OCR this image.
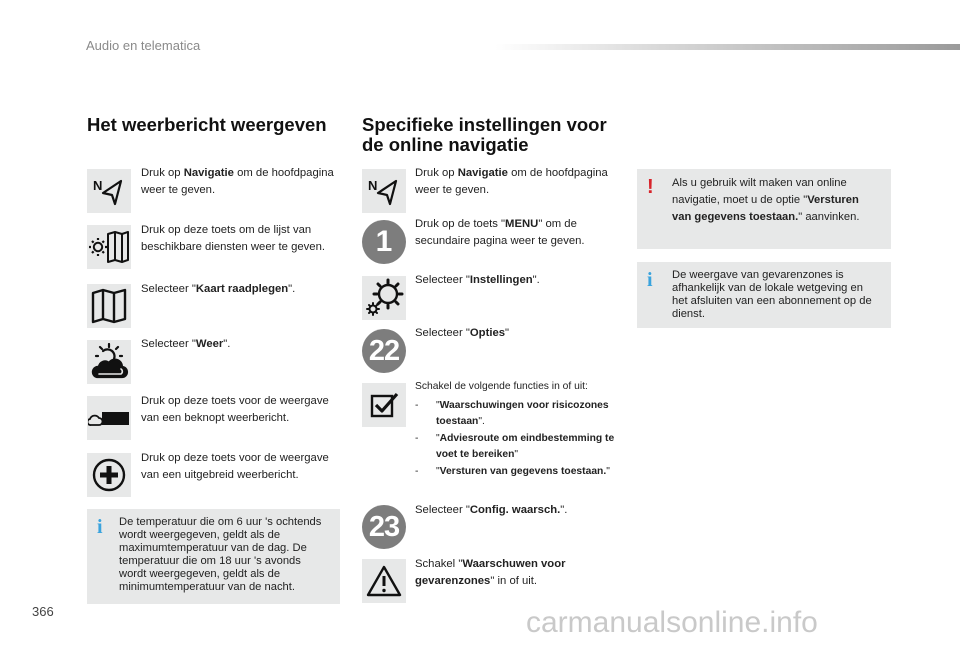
Audio en telematica
Het weerbericht weergeven
N
Druk op Navigatie om de hoofdpagina weer te geven.
Druk op deze toets om de lijst van beschikbare diensten weer te geven.
Selecteer "Kaart raadplegen".
Selecteer "Weer".
Druk op deze toets voor de weergave van een beknopt weerbericht.
Druk op deze toets voor de weergave van een uitgebreid weerbericht.
i De temperatuur die om 6 uur 's ochtends wordt weergegeven, geldt als de maximumtemperatuur van de dag. De temperatuur die om 18 uur 's avonds wordt weergegeven, geldt als de minimumtemperatuur van de nacht.
Specifieke instellingen voor
de online navigatie
N
Druk op Navigatie om de hoofdpagina weer te geven.
1
Druk op de toets "MENU" om de secundaire pagina weer te geven.
Selecteer "Instellingen".
22
Selecteer "Opties"
Schakel de volgende functies in of uit:
- "Waarschuwingen voor risicozones toestaan".
- "Adviesroute om eindbestemming te voet te bereiken"
- "Versturen van gegevens toestaan."
23
Selecteer "Config. waarsch.".
Schakel "Waarschuwen voor gevarenzones" in of uit.
! Als u gebruik wilt maken van online navigatie, moet u de optie "Versturen van gegevens toestaan." aanvinken.
i De weergave van gevarenzones is afhankelijk van de lokale wetgeving en het afsluiten van een abonnement op de dienst.
366	carmanualsonline.info
